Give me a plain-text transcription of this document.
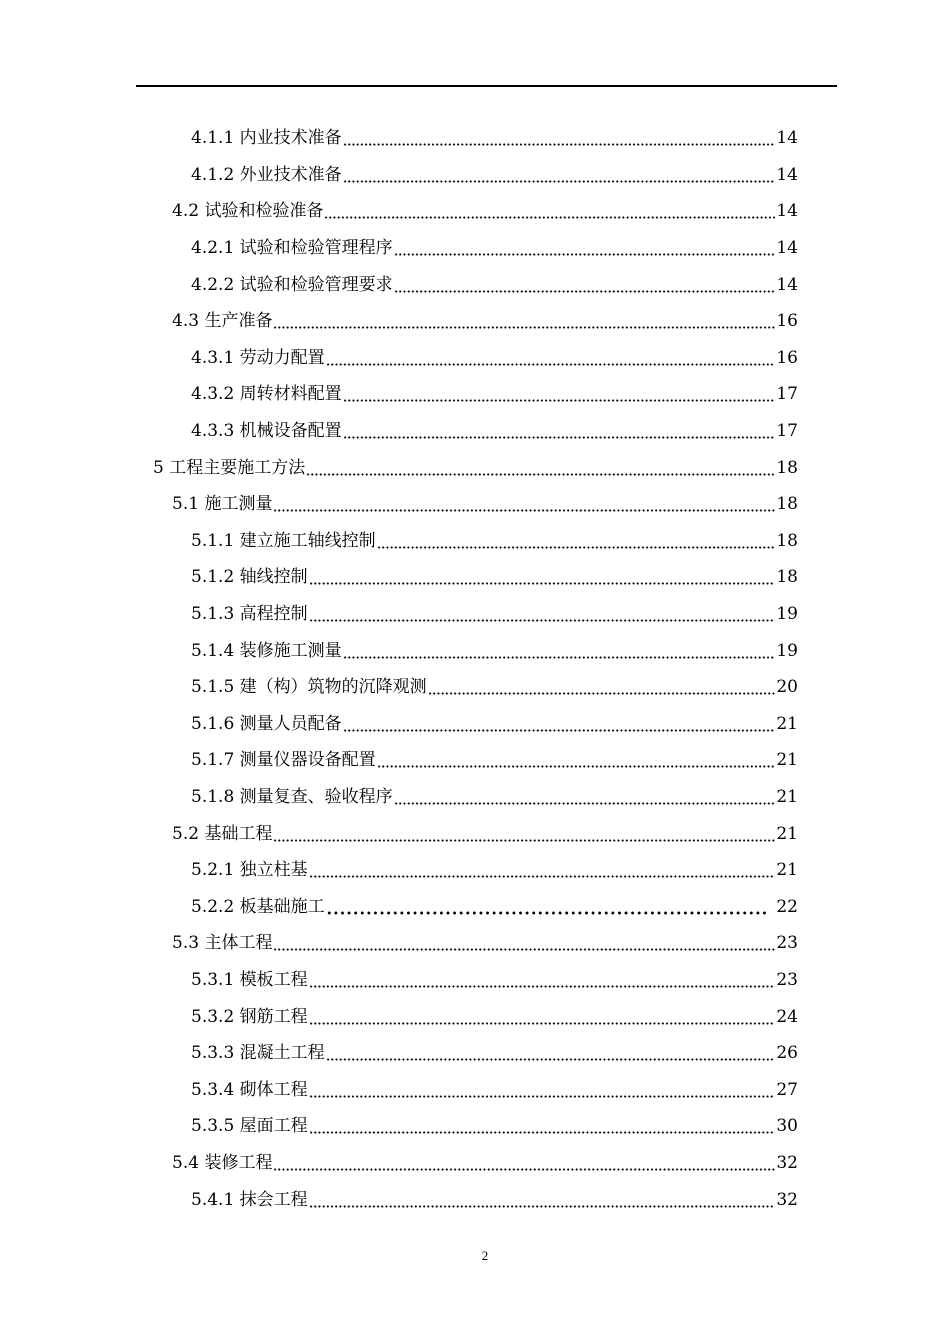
4.1.1 内业技术准备	14
4.1.2 外业技术准备	14
4.2 试验和检验准备	14
4.2.1 试验和检验管理程序	14
4.2.2 试验和检验管理要求	14
4.3 生产准备	16
4.3.1 劳动力配置	16
4.3.2 周转材料配置	17
4.3.3 机械设备配置	17
5 工程主要施工方法	18
5.1 施工测量	18
5.1.1 建立施工轴线控制	18
5.1.2 轴线控制	18
5.1.3 高程控制	19
5.1.4 装修施工测量	19
5.1.5 建（构）筑物的沉降观测	20
5.1.6 测量人员配备	21
5.1.7 测量仪器设备配置	21
5.1.8 测量复查、验收程序	21
5.2 基础工程	21
5.2.1 独立柱基	21
5.2.2 板基础施工	22
5.3 主体工程	23
5.3.1 模板工程	23
5.3.2 钢筋工程	24
5.3.3 混凝土工程	26
5.3.4 砌体工程	27
5.3.5 屋面工程	30
5.4 装修工程	32
5.4.1 抹会工程	32
2
